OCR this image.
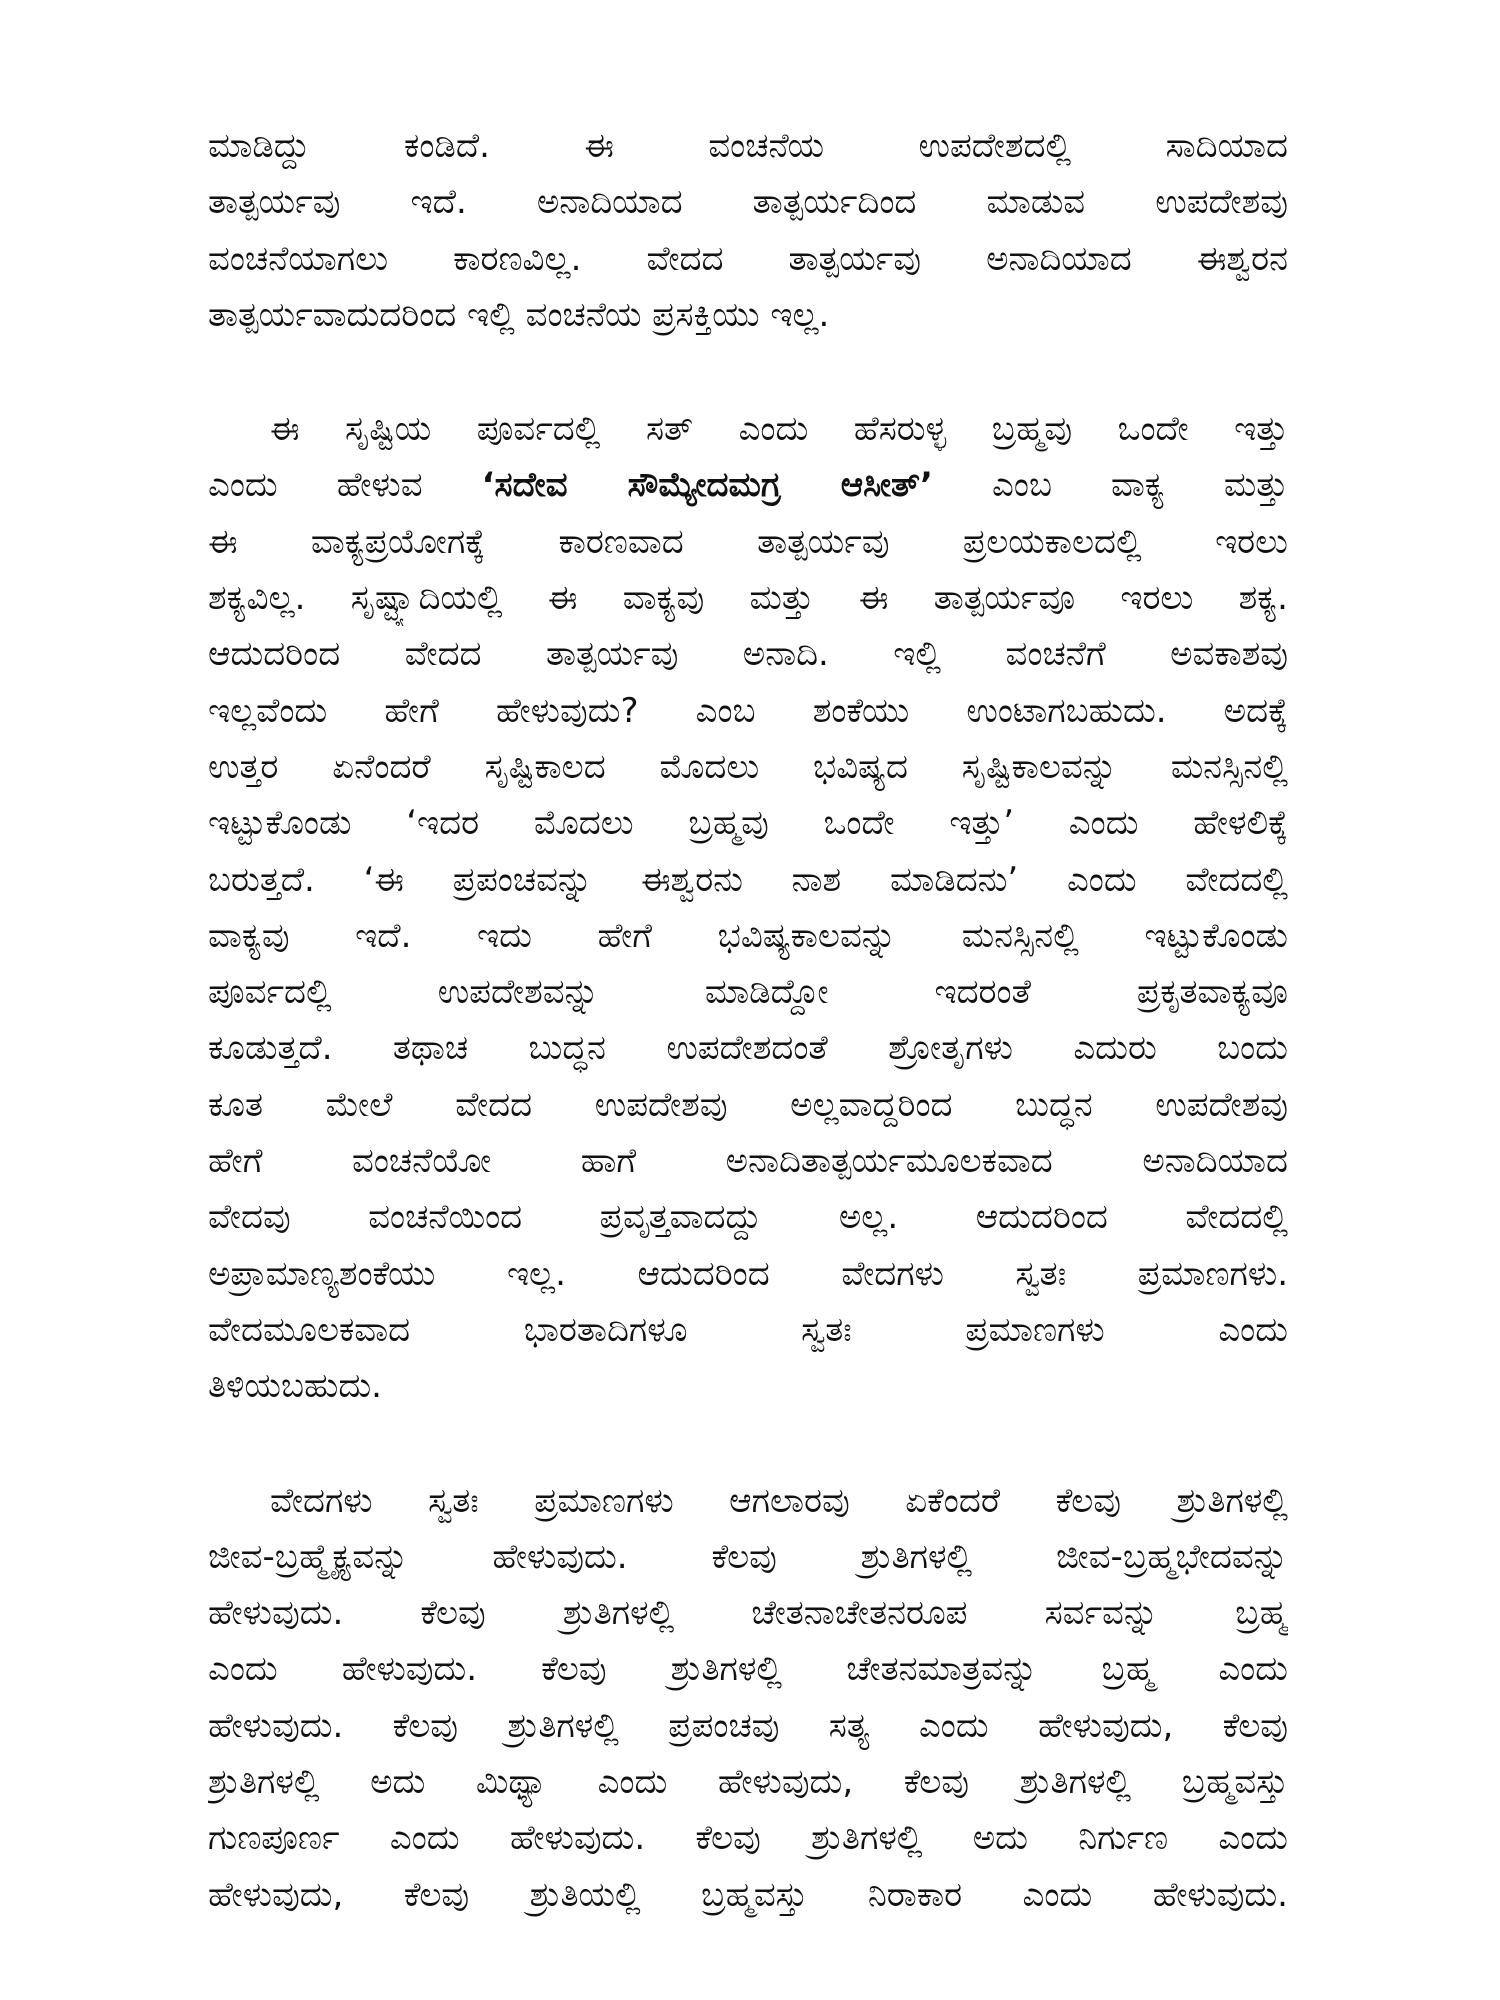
ಮಾಡಿದ್ದು ಕಂಡಿದೆ. ಈ ವಂಚನೆಯ ಉಪದೇಶದಲ್ಲಿ ಸಾದಿಯಾದ
ತಾತ್ಪರ್ಯವು ಇದೆ. ಅನಾದಿಯಾದ ತಾತ್ಪರ್ಯದಿಂದ ಮಾಡುವ ಉಪದೇಶವು
ವಂಚನೆಯಾಗಲು ಕಾರಣವಿಲ್ಲ. ವೇದದ ತಾತ್ಪರ್ಯವು ಅನಾದಿಯಾದ ಈಶ್ವರನ
ತಾತ್ಪರ್ಯವಾದುದರಿಂದ ಇಲ್ಲಿ ವಂಚನೆಯ ಪ್ರಸಕ್ತಿಯು ಇಲ್ಲ.
ಈ ಸೃಷ್ಟಿಯ ಪೂರ್ವದಲ್ಲಿ ಸತ್ ಎಂದು ಹೆಸರುಳ್ಳ ಬ್ರಹ್ಮವು ಒಂದೇ ಇತ್ತು
ಎಂದು ಹೇಳುವ ‘ಸದೇವ ಸೌಮ್ಯೇದಮಗ್ರ ಆಸೀತ್’ ಎಂಬ ವಾಕ್ಯ ಮತ್ತು
ಈ ವಾಕ್ಯಪ್ರಯೋಗಕ್ಕೆ ಕಾರಣವಾದ ತಾತ್ಪರ್ಯವು ಪ್ರಲಯಕಾಲದಲ್ಲಿ ಇರಲು
ಶಕ್ಯವಿಲ್ಲ. ಸೃಷ್ಟ್ಯಾದಿಯಲ್ಲಿ ಈ ವಾಕ್ಯವು ಮತ್ತು ಈ ತಾತ್ಪರ್ಯವೂ ಇರಲು ಶಕ್ಯ.
ಆದುದರಿಂದ ವೇದದ ತಾತ್ಪರ್ಯವು ಅನಾದಿ. ಇಲ್ಲಿ ವಂಚನೆಗೆ ಅವಕಾಶವು
ಇಲ್ಲವೆಂದು ಹೇಗೆ ಹೇಳುವುದು? ಎಂಬ ಶಂಕೆಯು ಉಂಟಾಗಬಹುದು. ಅದಕ್ಕೆ
ಉತ್ತರ ಏನೆಂದರೆ ಸೃಷ್ಟಿಕಾಲದ ಮೊದಲು ಭವಿಷ್ಯದ ಸೃಷ್ಟಿಕಾಲವನ್ನು ಮನಸ್ಸಿನಲ್ಲಿ
ಇಟ್ಟುಕೊಂಡು ‘ಇದರ ಮೊದಲು ಬ್ರಹ್ಮವು ಒಂದೇ ಇತ್ತು’ ಎಂದು ಹೇಳಲಿಕ್ಕೆ
ಬರುತ್ತದೆ. ‘ಈ ಪ್ರಪಂಚವನ್ನು ಈಶ್ವರನು ನಾಶ ಮಾಡಿದನು’ ಎಂದು ವೇದದಲ್ಲಿ
ವಾಕ್ಯವು ಇದೆ. ಇದು ಹೇಗೆ ಭವಿಷ್ಯಕಾಲವನ್ನು ಮನಸ್ಸಿನಲ್ಲಿ ಇಟ್ಟುಕೊಂಡು
ಪೂರ್ವದಲ್ಲಿ ಉಪದೇಶವನ್ನು ಮಾಡಿದ್ದೋ ಇದರಂತೆ ಪ್ರಕೃತವಾಕ್ಯವೂ
ಕೂಡುತ್ತದೆ. ತಥಾಚ ಬುದ್ಧನ ಉಪದೇಶದಂತೆ ಶ್ರೋತೃಗಳು ಎದುರು ಬಂದು
ಕೂತ ಮೇಲೆ ವೇದದ ಉಪದೇಶವು ಅಲ್ಲವಾದ್ದರಿಂದ ಬುದ್ಧನ ಉಪದೇಶವು
ಹೇಗೆ ವಂಚನೆಯೋ ಹಾಗೆ ಅನಾದಿತಾತ್ಪರ್ಯಮೂಲಕವಾದ ಅನಾದಿಯಾದ
ವೇದವು ವಂಚನೆಯಿಂದ ಪ್ರವೃತ್ತವಾದದ್ದು ಅಲ್ಲ. ಆದುದರಿಂದ ವೇದದಲ್ಲಿ
ಅಪ್ರಾಮಾಣ್ಯಶಂಕೆಯು ಇಲ್ಲ. ಆದುದರಿಂದ ವೇದಗಳು ಸ್ವತಃ ಪ್ರಮಾಣಗಳು.
ವೇದಮೂಲಕವಾದ ಭಾರತಾದಿಗಳೂ ಸ್ವತಃ ಪ್ರಮಾಣಗಳು ಎಂದು
ತಿಳಿಯಬಹುದು.
ವೇದಗಳು ಸ್ವತಃ ಪ್ರಮಾಣಗಳು ಆಗಲಾರವು ಏಕೆಂದರೆ ಕೆಲವು ಶ್ರುತಿಗಳಲ್ಲಿ
ಜೀವ-ಬ್ರಹ್ಮೈಕ್ಯವನ್ನು ಹೇಳುವುದು. ಕೆಲವು ಶ್ರುತಿಗಳಲ್ಲಿ ಜೀವ-ಬ್ರಹ್ಮಭೇದವನ್ನು
ಹೇಳುವುದು. ಕೆಲವು ಶ್ರುತಿಗಳಲ್ಲಿ ಚೇತನಾಚೇತನರೂಪ ಸರ್ವವನ್ನು ಬ್ರಹ್ಮ
ಎಂದು ಹೇಳುವುದು. ಕೆಲವು ಶ್ರುತಿಗಳಲ್ಲಿ ಚೇತನಮಾತ್ರವನ್ನು ಬ್ರಹ್ಮ ಎಂದು
ಹೇಳುವುದು. ಕೆಲವು ಶ್ರುತಿಗಳಲ್ಲಿ ಪ್ರಪಂಚವು ಸತ್ಯ ಎಂದು ಹೇಳುವುದು, ಕೆಲವು
ಶ್ರುತಿಗಳಲ್ಲಿ ಅದು ಮಿಥ್ಯಾ ಎಂದು ಹೇಳುವುದು, ಕೆಲವು ಶ್ರುತಿಗಳಲ್ಲಿ ಬ್ರಹ್ಮವಸ್ತು
ಗುಣಪೂರ್ಣ ಎಂದು ಹೇಳುವುದು. ಕೆಲವು ಶ್ರುತಿಗಳಲ್ಲಿ ಅದು ನಿರ್ಗುಣ ಎಂದು
ಹೇಳುವುದು, ಕೆಲವು ಶ್ರುತಿಯಲ್ಲಿ ಬ್ರಹ್ಮವಸ್ತು ನಿರಾಕಾರ ಎಂದು ಹೇಳುವುದು.
